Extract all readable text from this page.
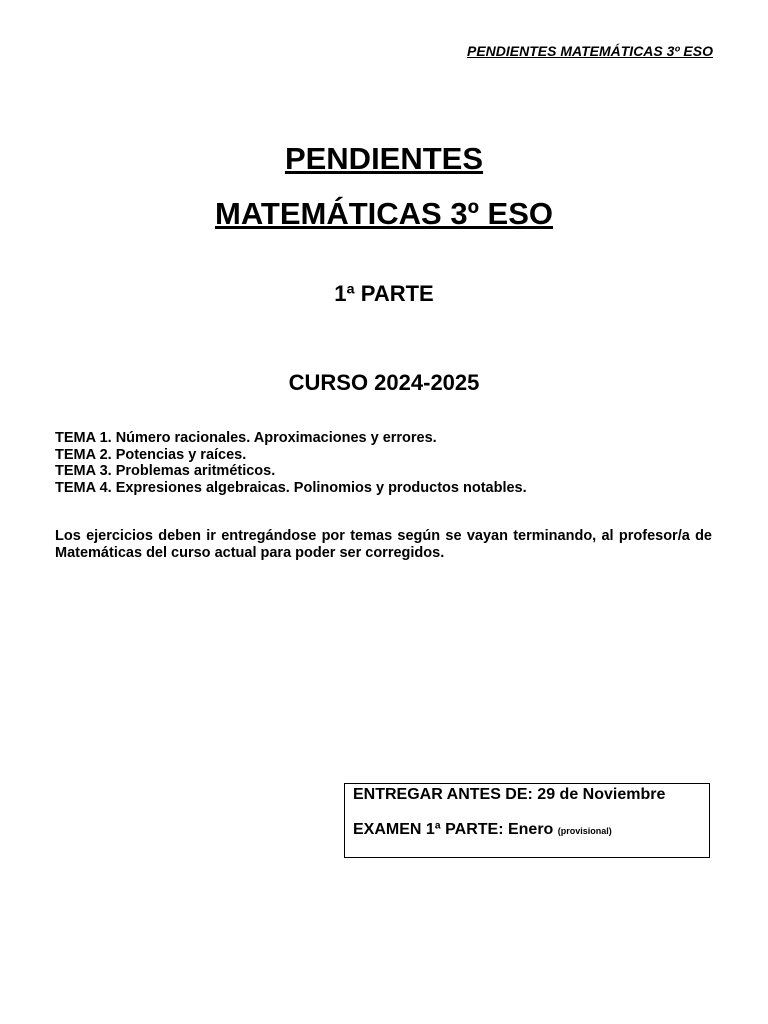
PENDIENTES MATEMÁTICAS 3º ESO
PENDIENTES
MATEMÁTICAS 3º ESO
1ª PARTE
CURSO 2024-2025
TEMA 1. Número racionales. Aproximaciones y errores.
TEMA 2. Potencias y raíces.
TEMA 3. Problemas aritméticos.
TEMA 4. Expresiones algebraicas. Polinomios y productos notables.

Los ejercicios deben ir entregándose por temas según se vayan terminando, al profesor/a de Matemáticas del curso actual para poder ser corregidos.

ENTREGAR ANTES DE: 29 de Noviembre
EXAMEN 1ª PARTE: Enero (provisional)
